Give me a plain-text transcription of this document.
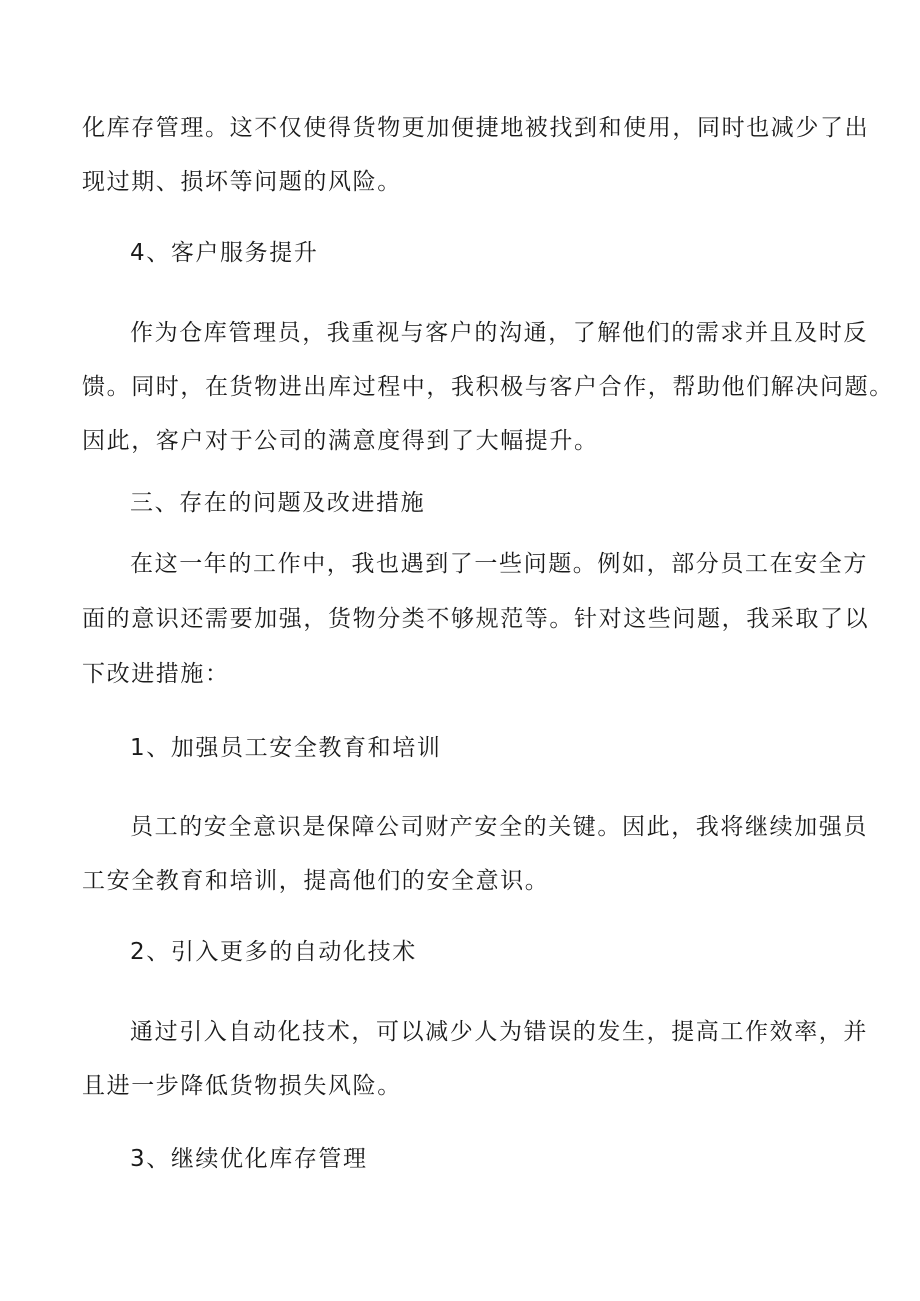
化库存管理。这不仅使得货物更加便捷地被找到和使用，同时也减少了出
现过期、损坏等问题的风险。
4、客户服务提升
作为仓库管理员，我重视与客户的沟通，了解他们的需求并且及时反
馈。同时，在货物进出库过程中，我积极与客户合作，帮助他们解决问题。
因此，客户对于公司的满意度得到了大幅提升。
三、存在的问题及改进措施
在这一年的工作中，我也遇到了一些问题。例如，部分员工在安全方
面的意识还需要加强，货物分类不够规范等。针对这些问题，我采取了以
下改进措施：
1、加强员工安全教育和培训
员工的安全意识是保障公司财产安全的关键。因此，我将继续加强员
工安全教育和培训，提高他们的安全意识。
2、引入更多的自动化技术
通过引入自动化技术，可以减少人为错误的发生，提高工作效率，并
且进一步降低货物损失风险。
3、继续优化库存管理
